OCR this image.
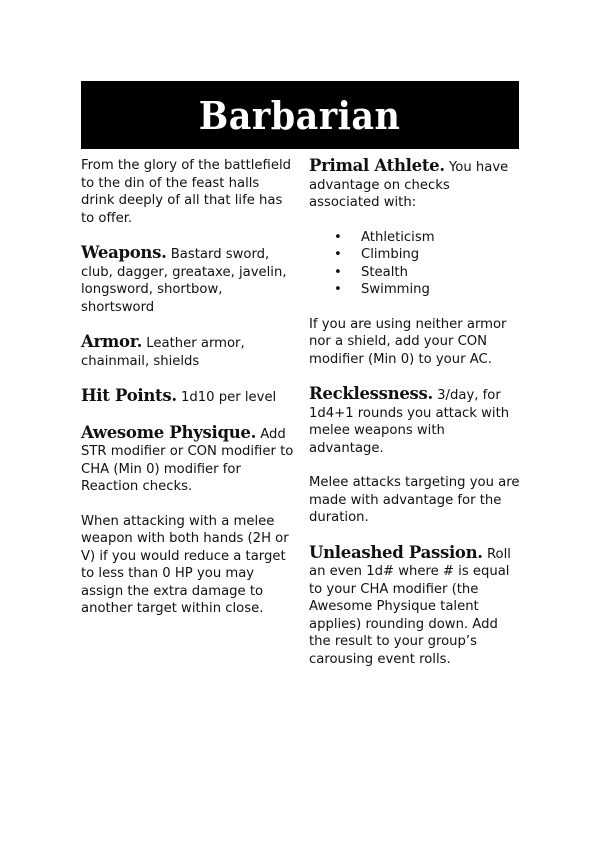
Barbarian

From the glory of the battlefield to the din of the feast halls drink deeply of all that life has to offer.

Weapons. Bastard sword, club, dagger, greataxe, javelin, longsword, shortbow, shortsword

Armor. Leather armor, chainmail, shields

Hit Points. 1d10 per level

Awesome Physique. Add STR modifier or CON modifier to CHA (Min 0) modifier for Reaction checks.

When attacking with a melee weapon with both hands (2H or V) if you would reduce a target to less than 0 HP you may assign the extra damage to another target within close.

Primal Athlete. You have advantage on checks associated with:

• Athleticism
• Climbing
• Stealth
• Swimming

If you are using neither armor nor a shield, add your CON modifier (Min 0) to your AC.

Recklessness. 3/day, for 1d4+1 rounds you attack with melee weapons with advantage.

Melee attacks targeting you are made with advantage for the duration.

Unleashed Passion. Roll an even 1d# where # is equal to your CHA modifier (the Awesome Physique talent applies) rounding down. Add the result to your group’s carousing event rolls.
